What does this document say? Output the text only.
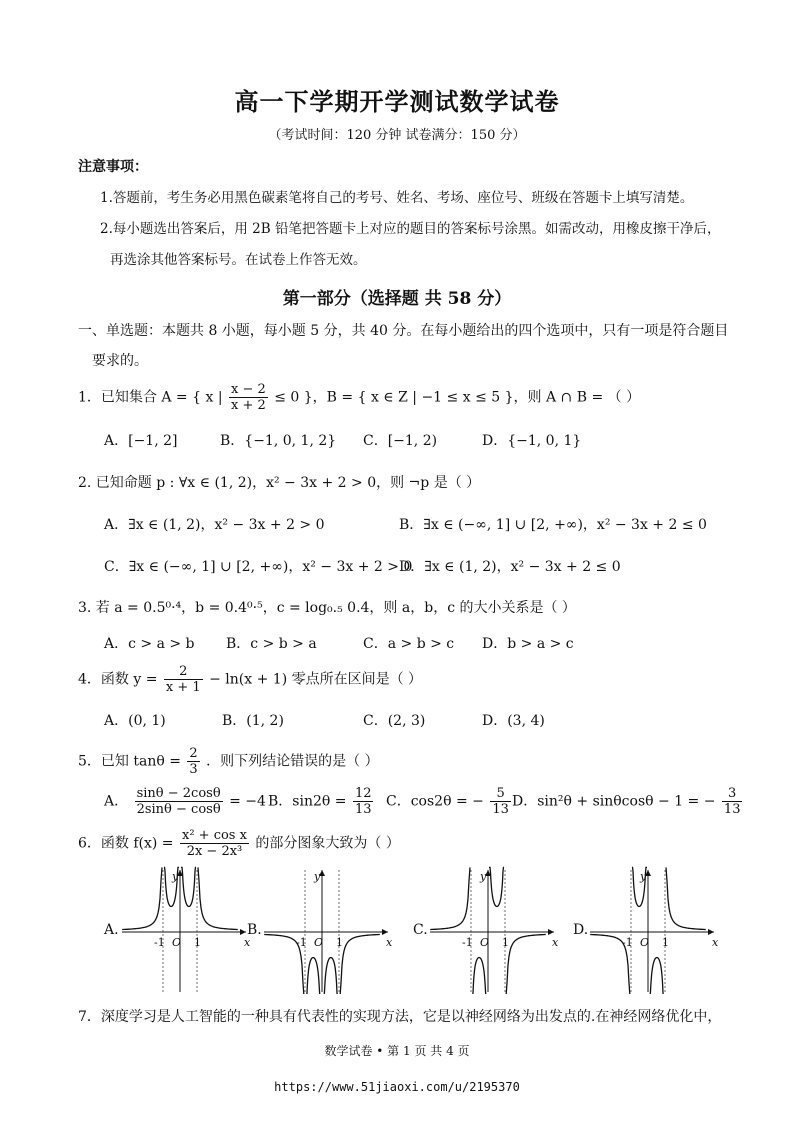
高一下学期开学测试数学试卷
（考试时间：120 分钟 试卷满分：150 分）
注意事项：
1.答题前，考生务必用黑色碳素笔将自己的考号、姓名、考场、座位号、班级在答题卡上填写清楚。
2.每小题选出答案后，用 2B 铅笔把答题卡上对应的题目的答案标号涂黑。如需改动，用橡皮擦干净后，
再选涂其他答案标号。在试卷上作答无效。
第一部分（选择题 共 58 分）
一、单选题：本题共 8 小题，每小题 5 分，共 40 分。在每小题给出的四个选项中，只有一项是符合题目
要求的。
1．已知集合 A = { x | $\frac{x - 2}{x + 2} \le 0$ }，B = { x ∈ Z | −1 ≤ x ≤ 5 }，则 A ∩ B = （ ）
A．[−1, 2]	B．{−1, 0, 1, 2} C．[−1, 2)	D．{−1, 0, 1}
2. 已知命题 p : ∀x ∈ (1, 2)，x² − 3x + 2 > 0，则 ¬p 是（ ）
A．∃x ∈ (1, 2)，x² − 3x + 2 > 0	B．∃x ∈ (−∞, 1] ∪ [2, +∞)，x² − 3x + 2 ≤ 0
C．∃x ∈ (−∞, 1] ∪ [2, +∞)，x² − 3x + 2 > 0
D．∃x ∈ (1, 2)，x² − 3x + 2 ≤ 0
3. 若 a = 0.5⁰·⁴，b = 0.4⁰·⁵，c = log₀.₅ 0.4，则 a，b，c 的大小关系是（ ）
A．c > a > b B．c > b > a	C．a > b > c D．b > a > c
4．函数 $y = \frac{2}{x + 1} - \ln(x + 1)$ 零点所在区间是（ ）
A．(0, 1)	B．(1, 2)	C．(2, 3)	D．(3, 4)
5．已知 $\tan\theta = \frac{2}{3}$ ．则下列结论错误的是（ ）
A． $\frac{\sin\theta - 2\cos\theta}{2\sin\theta - \cos\theta} = -4$ B．$\sin 2\theta = \frac{12}{13}$ C．cos2θ = − $\frac{5}{13}$ D．sin²θ + sinθcosθ − 1 = − $\frac{3}{13}$
6．函数 $f(x) = \frac{\text{x² + cos x}}{\text{2x − 2x³}}$ 的部分图象大致为（ ）
A.	B.	C.	D.
y
x
-1 O 1
y
x
-1 O 1
y
x
-1 O 1
y
x
-1 O 1
7．深度学习是人工智能的一种具有代表性的实现方法，它是以神经网络为出发点的.在神经网络优化中，
数学试卷 • 第 1 页 共 4 页
https://www.51jiaoxi.com/u/2195370
